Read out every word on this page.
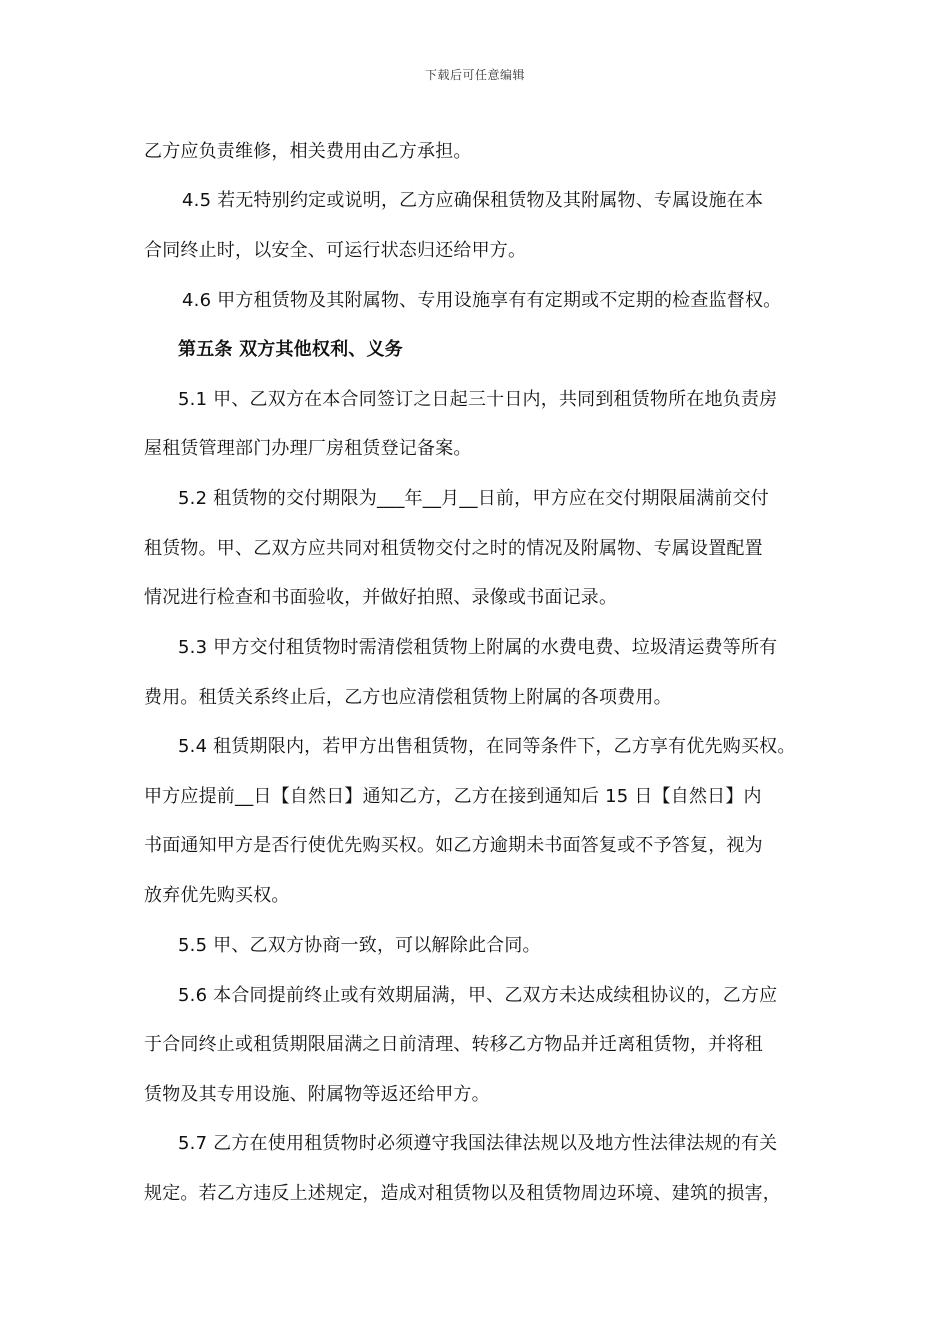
下载后可任意编辑
乙方应负责维修，相关费用由乙方承担。
4.5 若无特别约定或说明，乙方应确保租赁物及其附属物、专属设施在本
合同终止时，以安全、可运行状态归还给甲方。
4.6 甲方租赁物及其附属物、专用设施享有有定期或不定期的检查监督权。
第五条 双方其他权利、义务
5.1 甲、乙双方在本合同签订之日起三十日内，共同到租赁物所在地负责房
屋租赁管理部门办理厂房租赁登记备案。
5.2 租赁物的交付期限为___年__月__日前，甲方应在交付期限届满前交付
租赁物。甲、乙双方应共同对租赁物交付之时的情况及附属物、专属设置配置
情况进行检查和书面验收，并做好拍照、录像或书面记录。
5.3 甲方交付租赁物时需清偿租赁物上附属的水费电费、垃圾清运费等所有
费用。租赁关系终止后，乙方也应清偿租赁物上附属的各项费用。
5.4 租赁期限内，若甲方出售租赁物，在同等条件下，乙方享有优先购买权。
甲方应提前__日【自然日】通知乙方，乙方在接到通知后 15 日【自然日】内
书面通知甲方是否行使优先购买权。如乙方逾期未书面答复或不予答复，视为
放弃优先购买权。
5.5 甲、乙双方协商一致，可以解除此合同。
5.6 本合同提前终止或有效期届满，甲、乙双方未达成续租协议的，乙方应
于合同终止或租赁期限届满之日前清理、转移乙方物品并迁离租赁物，并将租
赁物及其专用设施、附属物等返还给甲方。
5.7 乙方在使用租赁物时必须遵守我国法律法规以及地方性法律法规的有关
规定。若乙方违反上述规定，造成对租赁物以及租赁物周边环境、建筑的损害，
